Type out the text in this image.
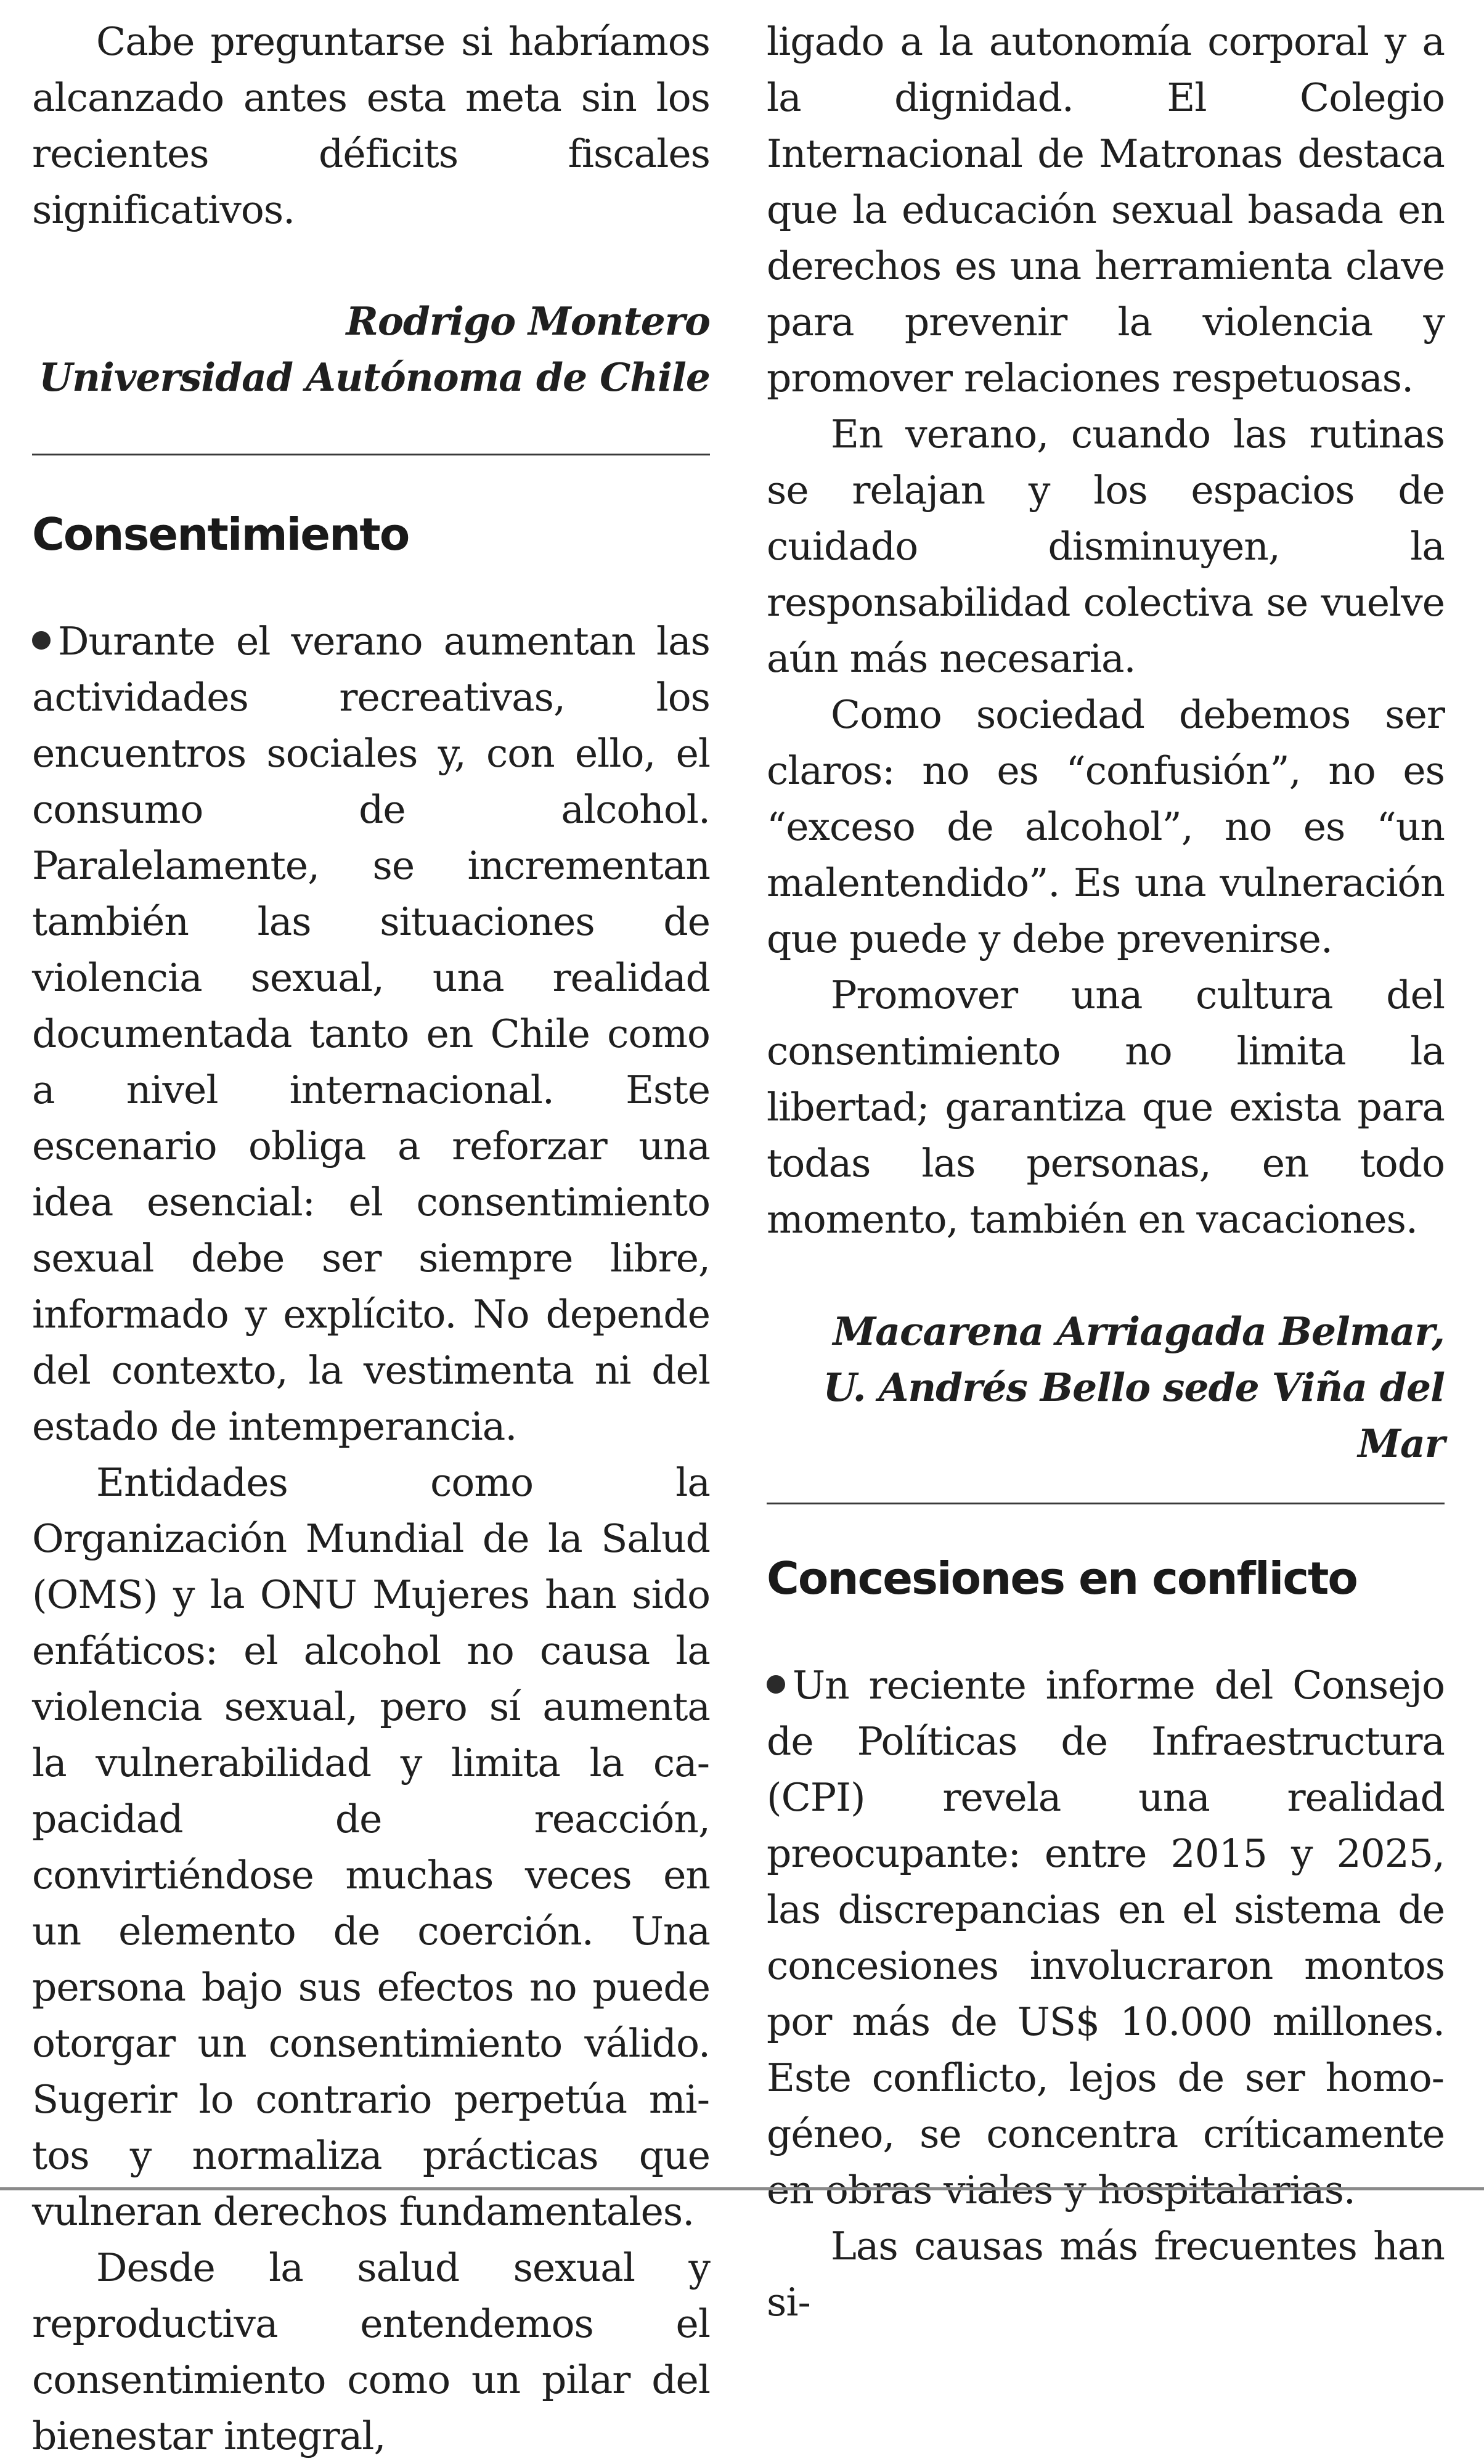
Cabe preguntarse si habríamos alcanzado antes esta meta sin los recientes déficits fiscales significativos.

Rodrigo Montero

Universidad Autónoma de Chile

Consentimiento

Durante el verano aumentan las actividades recreativas, los encuentros sociales y, con ello, el consumo de alcohol. Paralelamente, se incrementan también las situaciones de violencia sexual, una realidad documentada tanto en Chile como a nivel internacional. Este escenario obliga a reforzar una idea esencial: el consentimiento sexual debe ser siempre libre, informado y explícito. No depende del contexto, la vestimenta ni del estado de intemperancia.

Entidades como la Organización Mundial de la Salud (OMS) y la ONU Mujeres han sido enfáticos: el alcohol no causa la violencia sexual, pero sí aumenta la vulnerabilidad y limita la capacidad de reacción, convirtiéndose muchas veces en un elemento de coerción. Una persona bajo sus efectos no puede otorgar un consentimiento válido. Sugerir lo contrario perpetúa mitos y normaliza prácticas que vulneran derechos fundamentales.

Desde la salud sexual y reproductiva entendemos el consentimiento como un pilar del bienestar integral,

ligado a la autonomía corporal y a la dignidad. El Colegio Internacional de Matronas destaca que la educación sexual basada en derechos es una herramienta clave para prevenir la violencia y promover relaciones respetuosas.

En verano, cuando las rutinas se relajan y los espacios de cuidado disminuyen, la responsabilidad colectiva se vuelve aún más necesaria.

Como sociedad debemos ser claros: no es “confusión”, no es “exceso de alcohol”, no es “un malentendido”. Es una vulneración que puede y debe prevenirse.

Promover una cultura del consentimiento no limita la libertad; garantiza que exista para todas las personas, en todo momento, también en vacaciones.

Macarena Arriagada Belmar,

U. Andrés Bello sede Viña del Mar

Concesiones en conflicto

Un reciente informe del Consejo de Políticas de Infraestructura (CPI) revela una realidad preocupante: entre 2015 y 2025, las discrepancias en el sistema de concesiones involucraron montos por más de US$ 10.000 millones. Este conflicto, lejos de ser homogéneo, se concentra críticamente en obras viales y hospitalarias.

Las causas más frecuentes han si-
